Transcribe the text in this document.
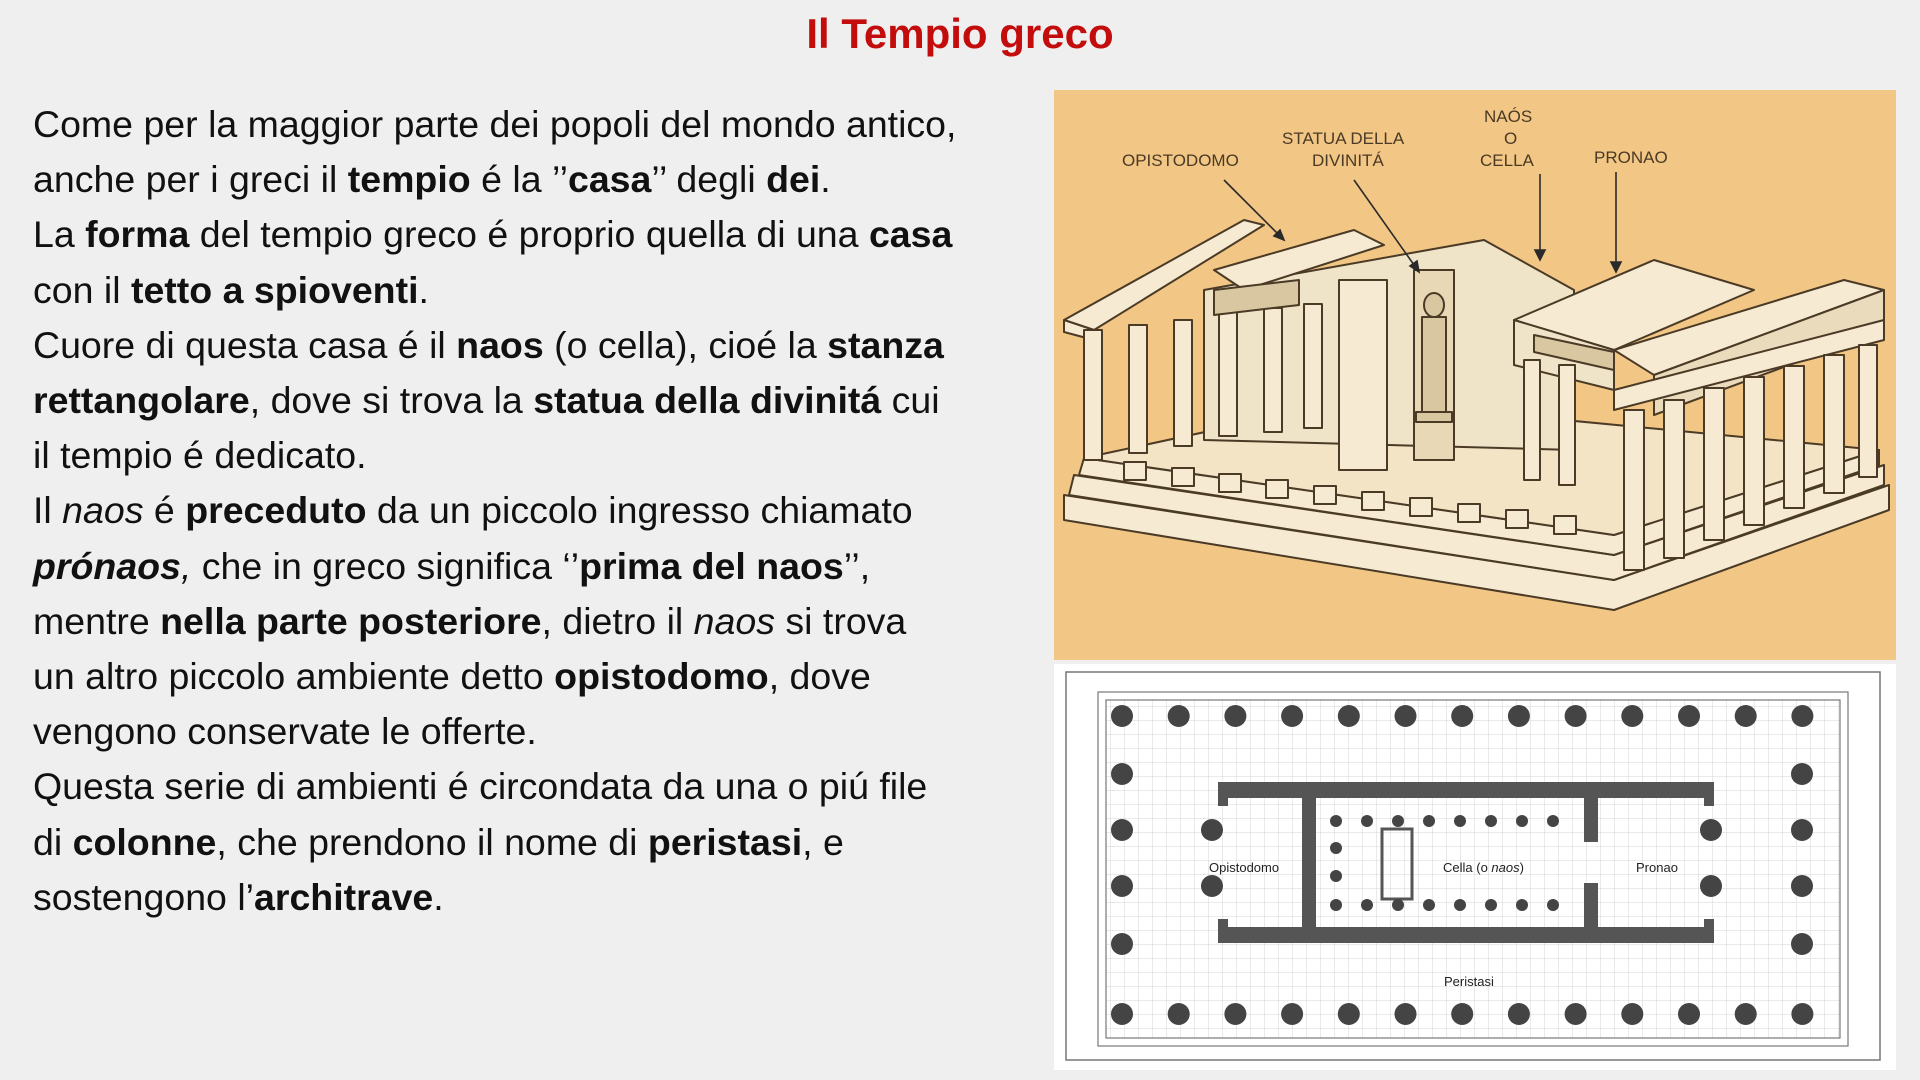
Il Tempio greco
Come per la maggior parte dei popoli del mondo antico,
anche per i greci il tempio é la ’’casa’’ degli dei.
La forma del tempio greco é proprio quella di una casa
con il tetto a spioventi.
Cuore di questa casa é il naos (o cella), cioé la stanza
rettangolare, dove si trova la statua della divinitá cui
il tempio é dedicato.
Il naos é preceduto da un piccolo ingresso chiamato
prónaos, che in greco significa ‘’prima del naos’’,
mentre nella parte posteriore, dietro il naos si trova
un altro piccolo ambiente detto opistodomo, dove
vengono conservate le offerte.
Questa serie di ambienti é circondata da una o piú file
di colonne, che prendono il nome di peristasi, e
sostengono l’architrave.
OPISTODOMO
STATUA DELLA
DIVINITÁ
NAÓS
O
CELLA	PRONAO
Opistodomo	Cella (o naos)	Pronao
Peristasi
